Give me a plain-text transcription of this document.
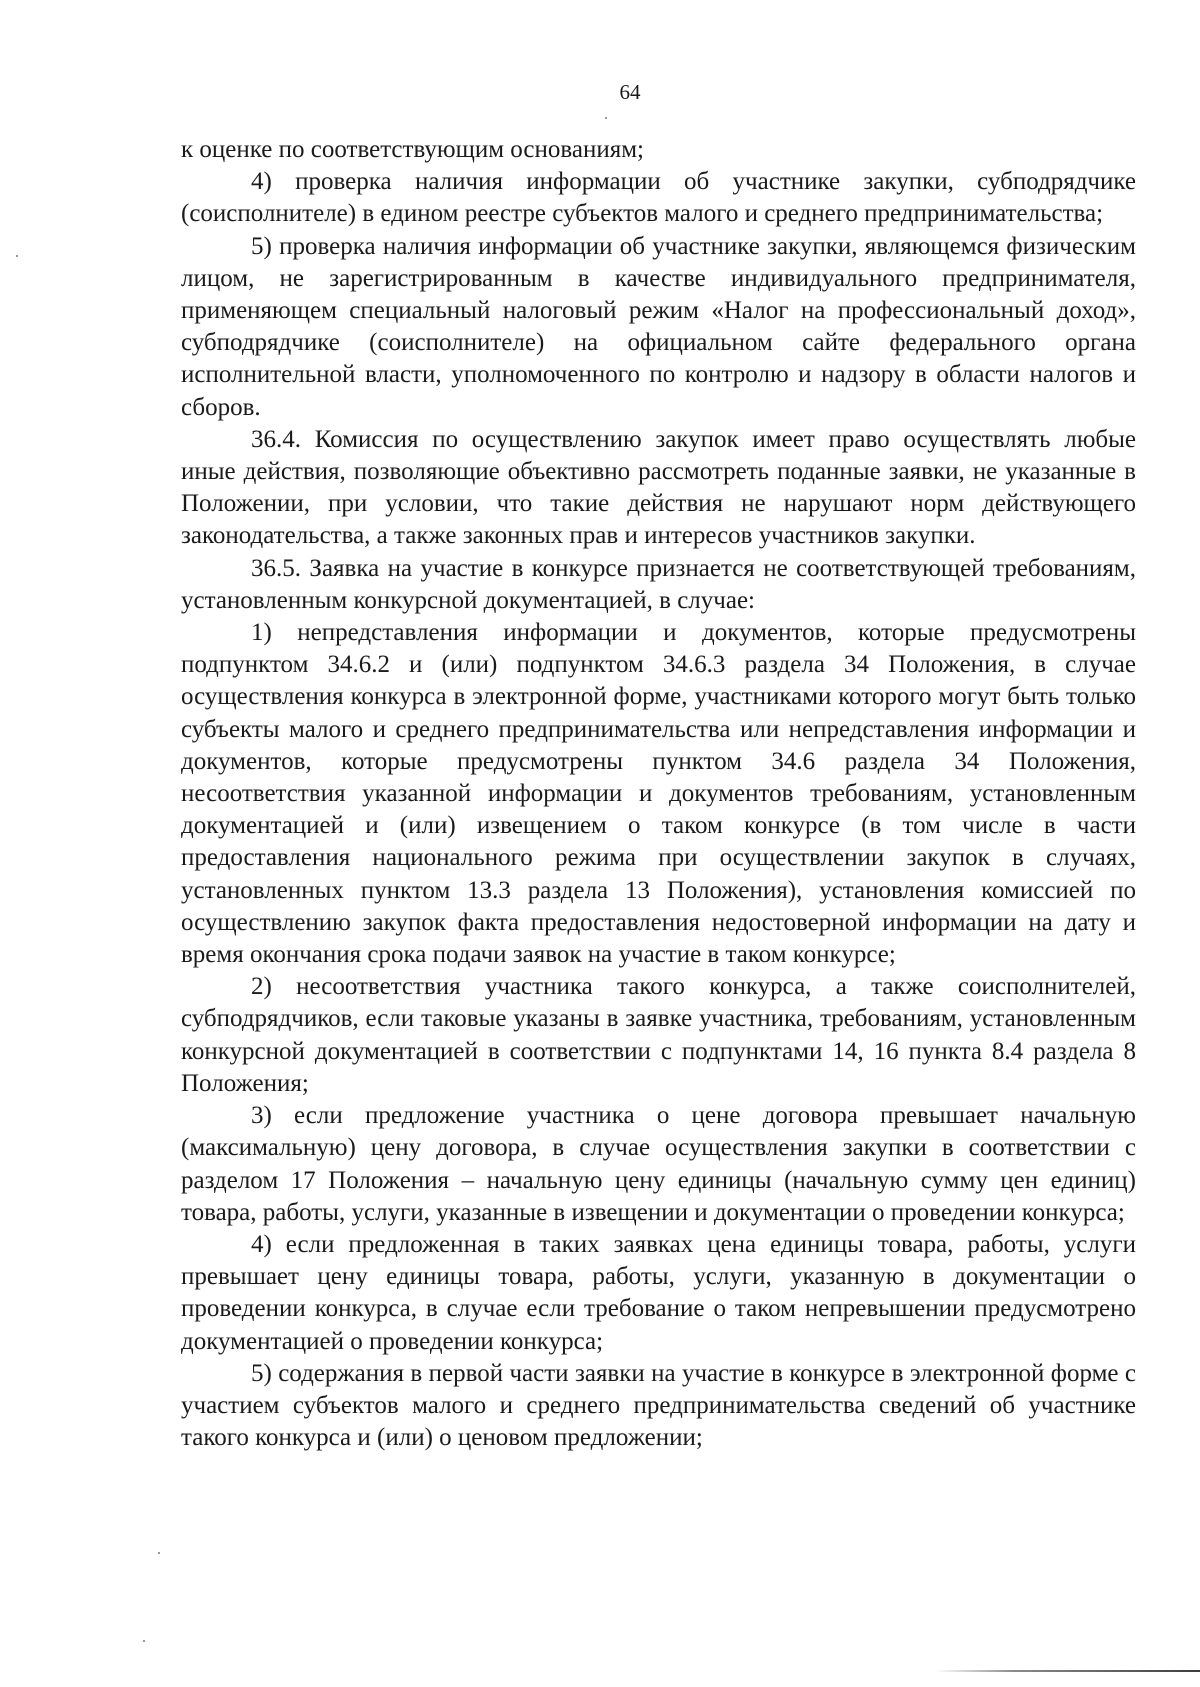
64

к оценке по соответствующим основаниям;

4) проверка наличия информации об участнике закупки, субподрядчике (соисполнителе) в едином реестре субъектов малого и среднего предпринимательства;

5) проверка наличия информации об участнике закупки, являющемся физическим лицом, не зарегистрированным в качестве индивидуального предпринимателя, применяющем специальный налоговый режим «Налог на профессиональный доход», субподрядчике (соисполнителе) на официальном сайте федерального органа исполнительной власти, уполномоченного по контролю и надзору в области налогов и сборов.

36.4. Комиссия по осуществлению закупок имеет право осуществлять любые иные действия, позволяющие объективно рассмотреть поданные заявки, не указанные в Положении, при условии, что такие действия не нарушают норм действующего законодательства, а также законных прав и интересов участников закупки.

36.5. Заявка на участие в конкурсе признается не соответствующей требованиям, установленным конкурсной документацией, в случае:

1) непредставления информации и документов, которые предусмотрены подпунктом 34.6.2 и (или) подпунктом 34.6.3 раздела 34 Положения, в случае осуществления конкурса в электронной форме, участниками которого могут быть только субъекты малого и среднего предпринимательства или непредставления информации и документов, которые предусмотрены пунктом 34.6 раздела 34 Положения, несоответствия указанной информации и документов требованиям, установленным документацией и (или) извещением о таком конкурсе (в том числе в части предоставления национального режима при осуществлении закупок в случаях, установленных пунктом 13.3 раздела 13 Положения), установления комиссией по осуществлению закупок факта предоставления недостоверной информации на дату и время окончания срока подачи заявок на участие в таком конкурсе;

2) несоответствия участника такого конкурса, а также соисполнителей, субподрядчиков, если таковые указаны в заявке участника, требованиям, установленным конкурсной документацией в соответствии с подпунктами 14, 16 пункта 8.4 раздела 8 Положения;

3) если предложение участника о цене договора превышает начальную (максимальную) цену договора, в случае осуществления закупки в соответствии с разделом 17 Положения – начальную цену единицы (начальную сумму цен единиц) товара, работы, услуги, указанные в извещении и документации о проведении конкурса;

4) если предложенная в таких заявках цена единицы товара, работы, услуги превышает цену единицы товара, работы, услуги, указанную в документации о проведении конкурса, в случае если требование о таком непревышении предусмотрено документацией о проведении конкурса;

5) содержания в первой части заявки на участие в конкурсе в электронной форме с участием субъектов малого и среднего предпринимательства сведений об участнике такого конкурса и (или) о ценовом предложении;
